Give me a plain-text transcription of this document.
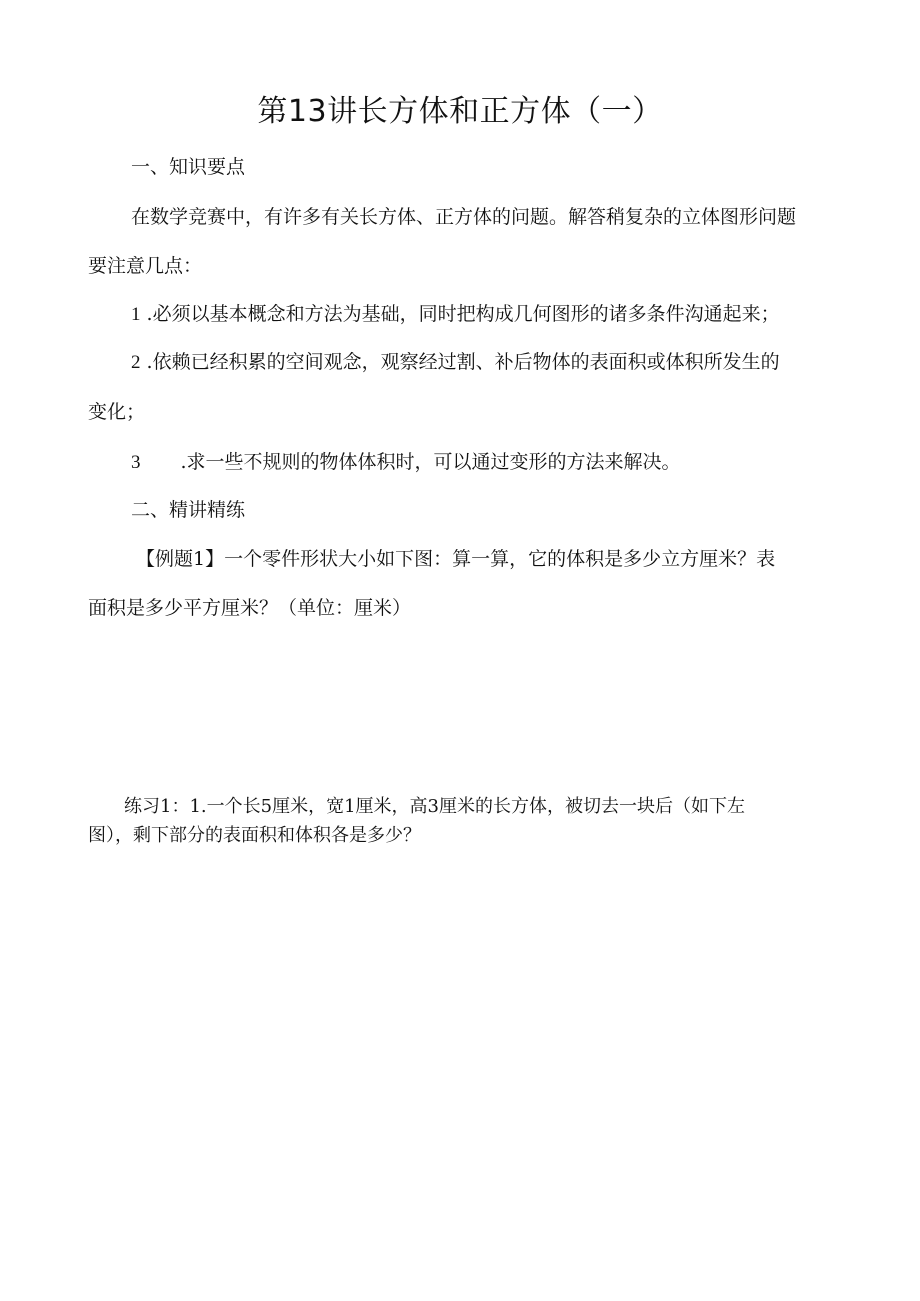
第13讲长方体和正方体（一）
一、知识要点
在数学竞赛中，有许多有关长方体、正方体的问题。解答稍复杂的立体图形问题
要注意几点：
1 .必须以基本概念和方法为基础，同时把构成几何图形的诸多条件沟通起来；
2 .依赖已经积累的空间观念，观察经过割、补后物体的表面积或体积所发生的
变化；
3 .求一些不规则的物体体积时，可以通过变形的方法来解决。
二、精讲精练
【例题1】一个零件形状大小如下图：算一算，它的体积是多少立方厘米？表
面积是多少平方厘米？（单位：厘米）
练习1：1.一个长5厘米，宽1厘米，高3厘米的长方体，被切去一块后（如下左
图），剩下部分的表面积和体积各是多少？
